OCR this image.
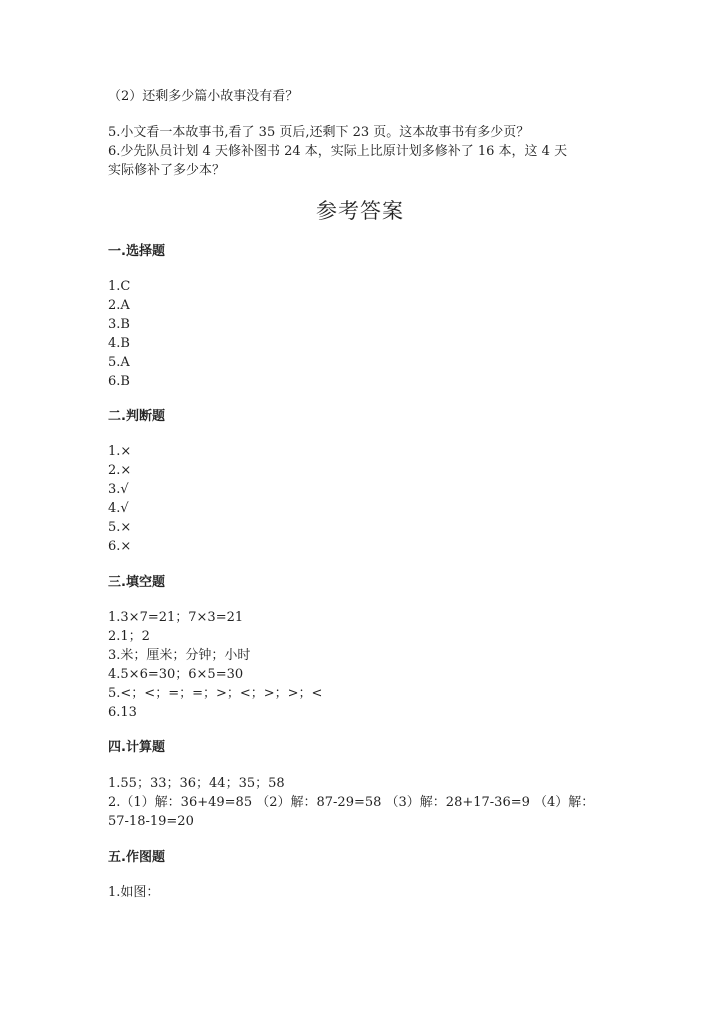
（2）还剩多少篇小故事没有看？
5.小文看一本故事书,看了 35 页后,还剩下 23 页。这本故事书有多少页？
6.少先队员计划 4 天修补图书 24 本，实际上比原计划多修补了 16 本，这 4 天
实际修补了多少本？
参考答案
一.选择题
1.C
2.A
3.B
4.B
5.A
6.B
二.判断题
1.×
2.×
3.√
4.√
5.×
6.×
三.填空题
1.3×7=21；7×3=21
2.1；2
3.米；厘米；分钟；小时
4.5×6=30；6×5=30
5.<；<；=；=；>；<；>；>；<
6.13
四.计算题
1.55；33；36；44；35；58
2.（1）解：36+49=85 （2）解：87-29=58 （3）解：28+17-36=9 （4）解：
57-18-19=20
五.作图题
1.如图：
